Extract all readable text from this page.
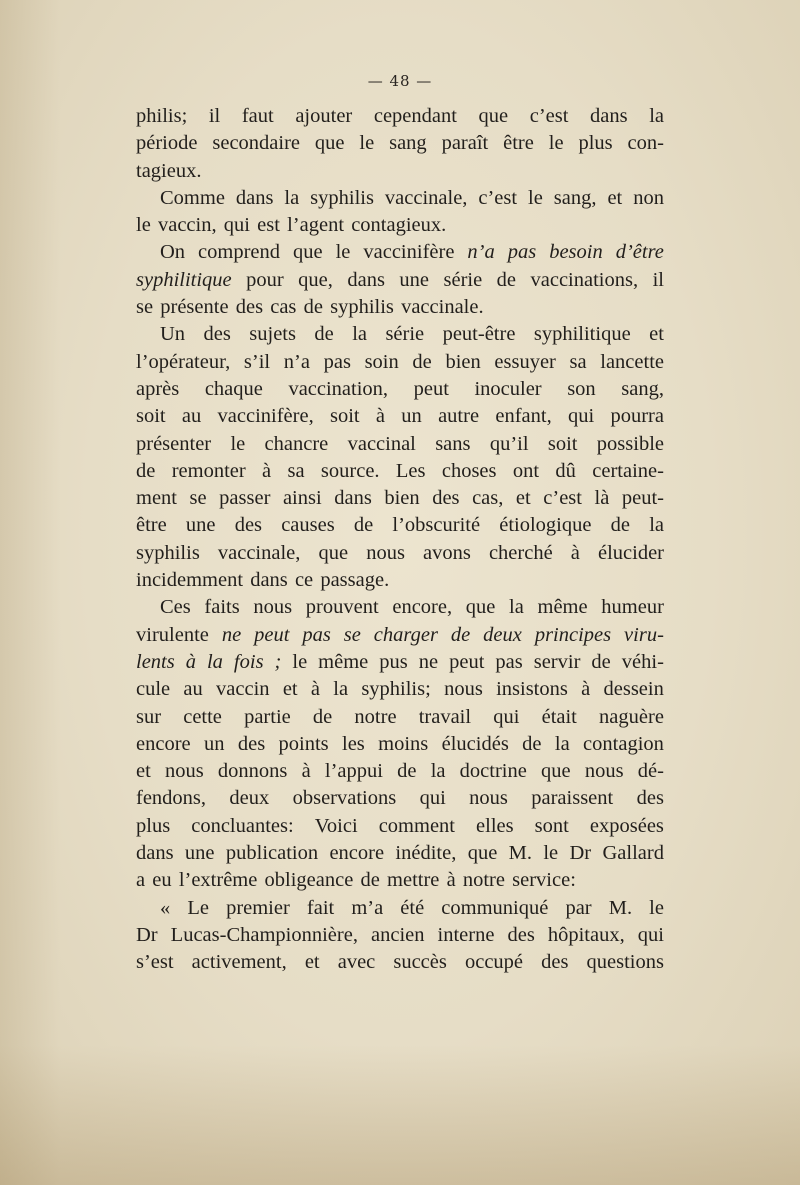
— 48 —
philis; il faut ajouter cependant que c’est dans la
période secondaire que le sang paraît être le plus con-
tagieux.
Comme dans la syphilis vaccinale, c’est le sang, et non
le vaccin, qui est l’agent contagieux.
On comprend que le vaccinifère n’a pas besoin d’être
syphilitique pour que, dans une série de vaccinations, il
se présente des cas de syphilis vaccinale.
Un des sujets de la série peut-être syphilitique et
l’opérateur, s’il n’a pas soin de bien essuyer sa lancette
après chaque vaccination, peut inoculer son sang,
soit au vaccinifère, soit à un autre enfant, qui pourra
présenter le chancre vaccinal sans qu’il soit possible
de remonter à sa source. Les choses ont dû certaine-
ment se passer ainsi dans bien des cas, et c’est là peut-
être une des causes de l’obscurité étiologique de la
syphilis vaccinale, que nous avons cherché à élucider
incidemment dans ce passage.
Ces faits nous prouvent encore, que la même humeur
virulente ne peut pas se charger de deux principes viru-
lents à la fois ; le même pus ne peut pas servir de véhi-
cule au vaccin et à la syphilis; nous insistons à dessein
sur cette partie de notre travail qui était naguère
encore un des points les moins élucidés de la contagion
et nous donnons à l’appui de la doctrine que nous dé-
fendons, deux observations qui nous paraissent des
plus concluantes: Voici comment elles sont exposées
dans une publication encore inédite, que M. le Dr Gallard
a eu l’extrême obligeance de mettre à notre service:
« Le premier fait m’a été communiqué par M. le
Dr Lucas-Championnière, ancien interne des hôpitaux, qui
s’est activement, et avec succès occupé des questions
